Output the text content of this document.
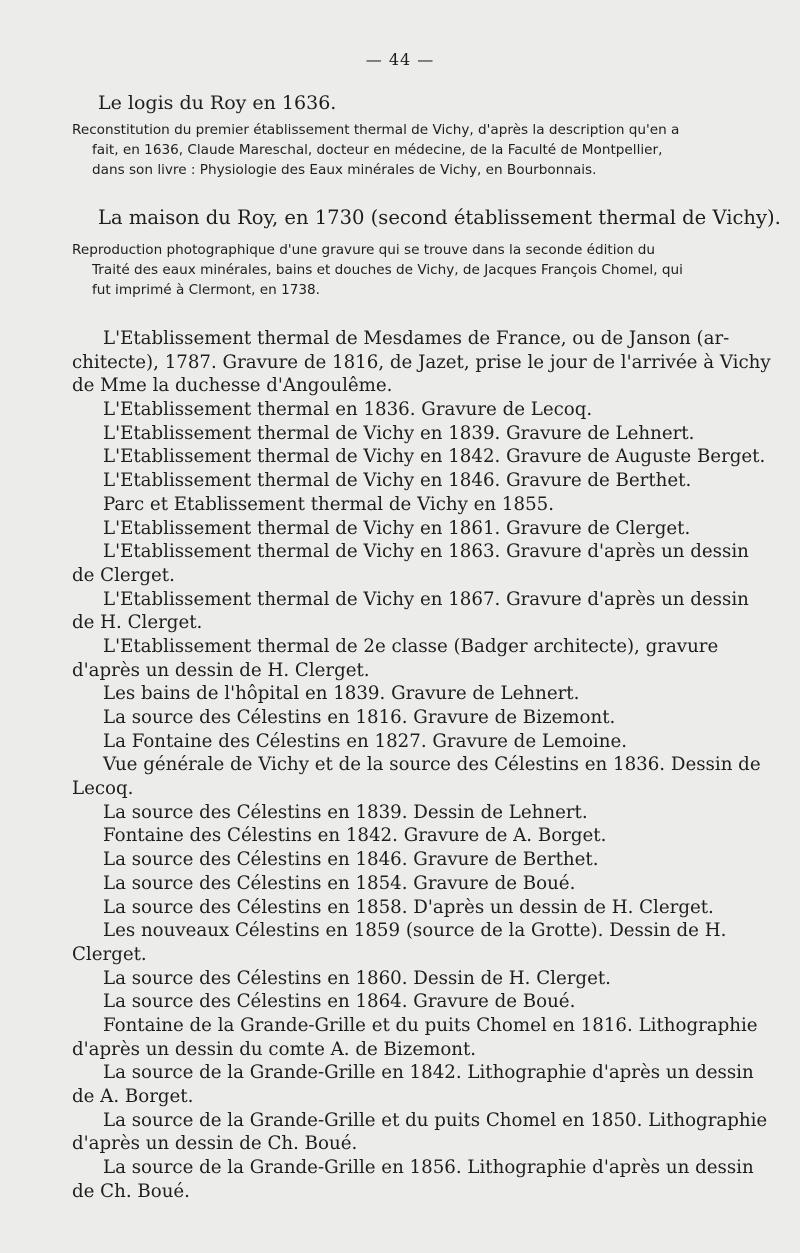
— 44 —
Le logis du Roy en 1636.
Reconstitution du premier établissement thermal de Vichy, d'après la description qu'en a
fait, en 1636, Claude Mareschal, docteur en médecine, de la Faculté de Montpellier,
dans son livre : Physiologie des Eaux minérales de Vichy, en Bourbonnais.
La maison du Roy, en 1730 (second établissement thermal de Vichy).
Reproduction photographique d'une gravure qui se trouve dans la seconde édition du
Traité des eaux minérales, bains et douches de Vichy, de Jacques François Chomel, qui
fut imprimé à Clermont, en 1738.
L'Etablissement thermal de Mesdames de France, ou de Janson (ar-
chitecte), 1787. Gravure de 1816, de Jazet, prise le jour de l'arrivée à Vichy
de Mme la duchesse d'Angoulême.
L'Etablissement thermal en 1836. Gravure de Lecoq.
L'Etablissement thermal de Vichy en 1839. Gravure de Lehnert.
L'Etablissement thermal de Vichy en 1842. Gravure de Auguste Berget.
L'Etablissement thermal de Vichy en 1846. Gravure de Berthet.
Parc et Etablissement thermal de Vichy en 1855.
L'Etablissement thermal de Vichy en 1861. Gravure de Clerget.
L'Etablissement thermal de Vichy en 1863. Gravure d'après un dessin
de Clerget.
L'Etablissement thermal de Vichy en 1867. Gravure d'après un dessin
de H. Clerget.
L'Etablissement thermal de 2e classe (Badger architecte), gravure
d'après un dessin de H. Clerget.
Les bains de l'hôpital en 1839. Gravure de Lehnert.
La source des Célestins en 1816. Gravure de Bizemont.
La Fontaine des Célestins en 1827. Gravure de Lemoine.
Vue générale de Vichy et de la source des Célestins en 1836. Dessin de
Lecoq.
La source des Célestins en 1839. Dessin de Lehnert.
Fontaine des Célestins en 1842. Gravure de A. Borget.
La source des Célestins en 1846. Gravure de Berthet.
La source des Célestins en 1854. Gravure de Boué.
La source des Célestins en 1858. D'après un dessin de H. Clerget.
Les nouveaux Célestins en 1859 (source de la Grotte). Dessin de H.
Clerget.
La source des Célestins en 1860. Dessin de H. Clerget.
La source des Célestins en 1864. Gravure de Boué.
Fontaine de la Grande-Grille et du puits Chomel en 1816. Lithographie
d'après un dessin du comte A. de Bizemont.
La source de la Grande-Grille en 1842. Lithographie d'après un dessin
de A. Borget.
La source de la Grande-Grille et du puits Chomel en 1850. Lithographie
d'après un dessin de Ch. Boué.
La source de la Grande-Grille en 1856. Lithographie d'après un dessin
de Ch. Boué.
